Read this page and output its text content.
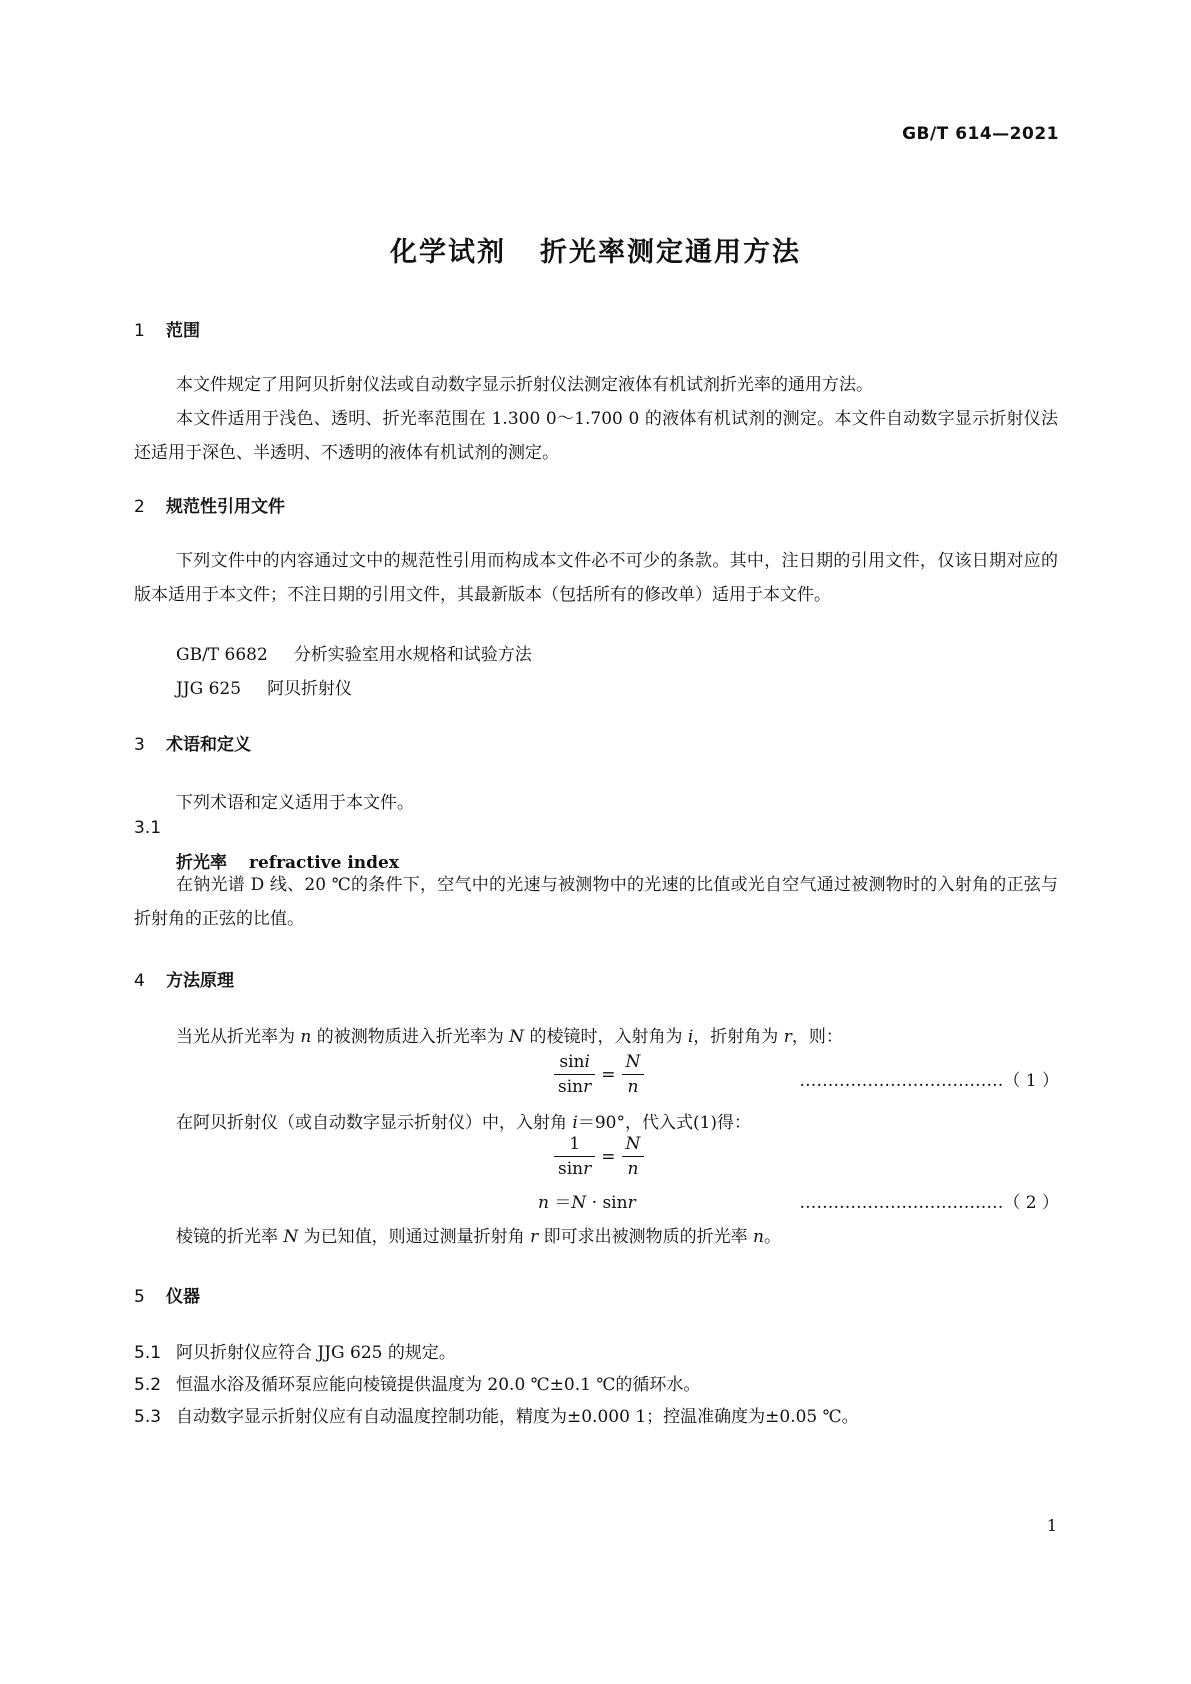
GB/T 614—2021
化学试剂 折光率测定通用方法
1 范围
本文件规定了用阿贝折射仪法或自动数字显示折射仪法测定液体有机试剂折光率的通用方法。
本文件适用于浅色、透明、折光率范围在 1.300 0～1.700 0 的液体有机试剂的测定。本文件自动数字显示折射仪法还适用于深色、半透明、不透明的液体有机试剂的测定。
2 规范性引用文件
下列文件中的内容通过文中的规范性引用而构成本文件必不可少的条款。其中，注日期的引用文件，仅该日期对应的版本适用于本文件；不注日期的引用文件，其最新版本（包括所有的修改单）适用于本文件。
GB/T 6682 分析实验室用水规格和试验方法
JJG 625 阿贝折射仪
3 术语和定义
下列术语和定义适用于本文件。
3.1
折光率 refractive index
在钠光谱 D 线、20 ℃的条件下，空气中的光速与被测物中的光速的比值或光自空气通过被测物时的入射角的正弦与折射角的正弦的比值。
4 方法原理
当光从折光率为 n 的被测物质进入折光率为 N 的棱镜时，入射角为 i，折射角为 r，则：
$\frac{\sin i}{\sin r} = \frac{N}{n}$	………………………………（ 1 ）
在阿贝折射仪（或自动数字显示折射仪）中，入射角 i＝90°，代入式(1)得：
$\frac{1}{\sin r} = \frac{N}{n}$
n ＝N · sinr	………………………………（ 2 ）
棱镜的折光率 N 为已知值，则通过测量折射角 r 即可求出被测物质的折光率 n。
5 仪器
5.1 阿贝折射仪应符合 JJG 625 的规定。
5.2 恒温水浴及循环泵应能向棱镜提供温度为 20.0 ℃±0.1 ℃的循环水。
5.3 自动数字显示折射仪应有自动温度控制功能，精度为±0.000 1；控温准确度为±0.05 ℃。
1
